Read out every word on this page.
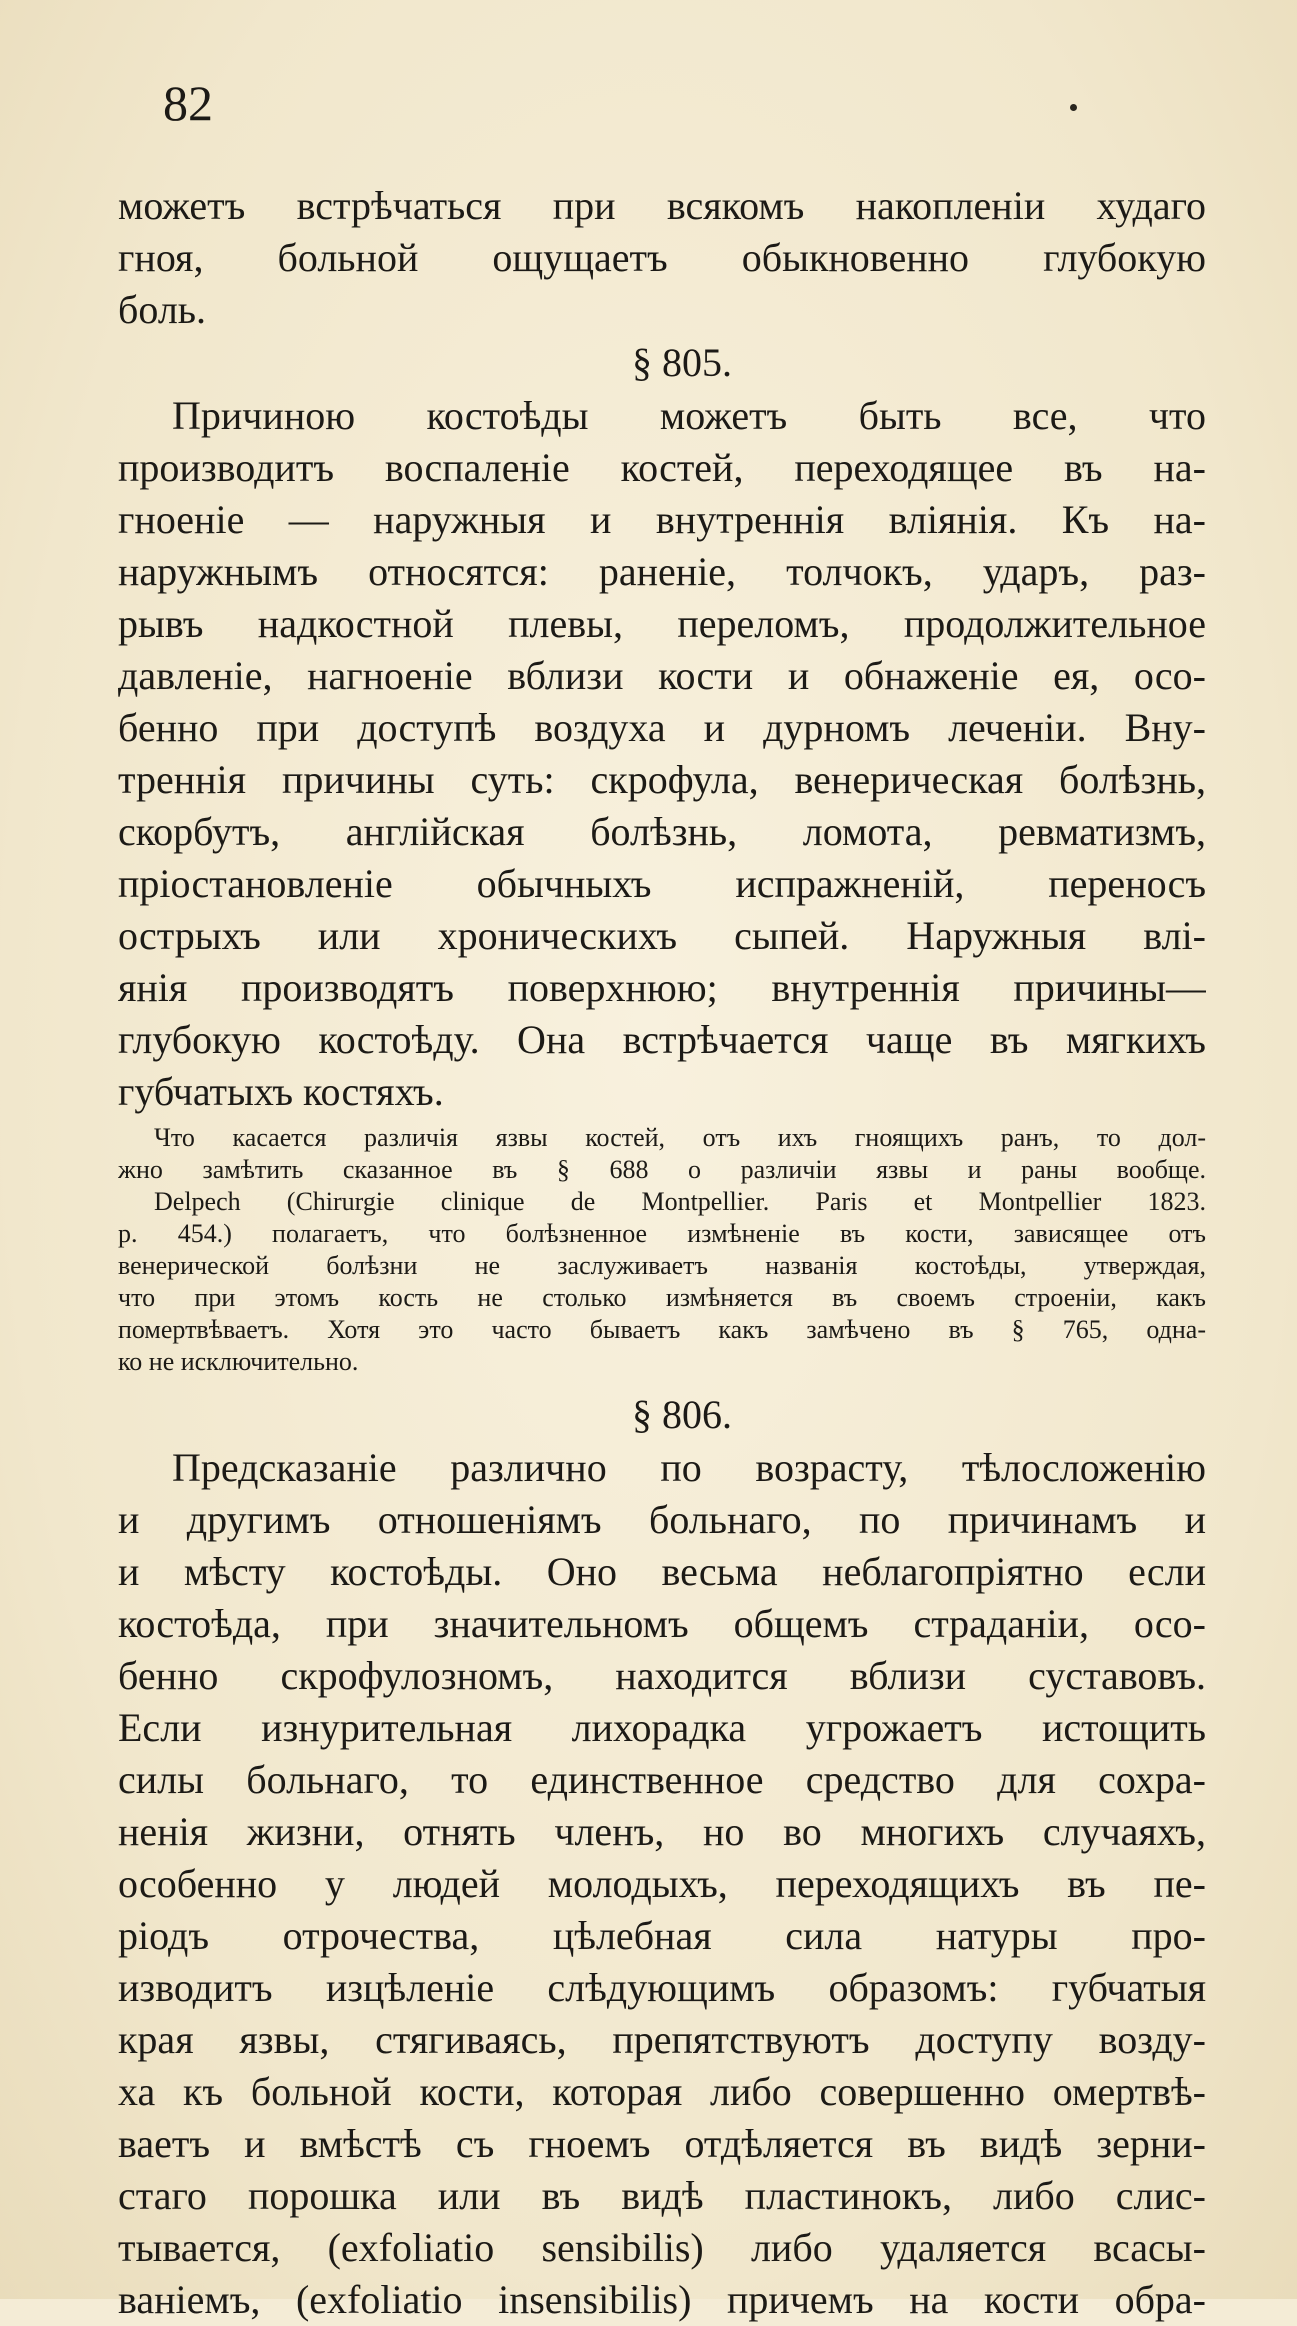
82
можетъ встрѣчаться при всякомъ накопленіи худаго
гноя, больной ощущаетъ обыкновенно глубокую
боль.
§ 805.
Причиною костоѣды можетъ быть все, что
производитъ воспаленіе костей, переходящее въ на-
гноеніе — наружныя и внутреннія вліянія. Къ на-
наружнымъ относятся: раненіе, толчокъ, ударъ, раз-
рывъ надкостной плевы, переломъ, продолжительное
давленіе, нагноеніе вблизи кости и обнаженіе ея, осо-
бенно при доступѣ воздуха и дурномъ леченіи. Вну-
треннія причины суть: скрофула, венерическая болѣзнь,
скорбутъ, англійская болѣзнь, ломота, ревматизмъ,
пріостановленіе обычныхъ испражненій, переносъ
острыхъ или хроническихъ сыпей. Наружныя влі-
янія производятъ поверхнюю; внутреннія причины—
глубокую костоѣду. Она встрѣчается чаще въ мягкихъ
губчатыхъ костяхъ.
Что касается различія язвы костей, отъ ихъ гноящихъ ранъ, то дол-
жно замѣтить сказанное въ § 688 о различіи язвы и раны вообще.
Delpech (Chirurgie clinique de Montpellier. Paris et Montpellier 1823.
p. 454.) полагаетъ, что болѣзненное измѣненіе въ кости, зависящее отъ
венерической болѣзни не заслуживаетъ названія костоѣды, утверждая,
что при этомъ кость не столько измѣняется въ своемъ строеніи, какъ
помертвѣваетъ. Хотя это часто бываетъ какъ замѣчено въ § 765, одна-
ко не исключительно.
§ 806.
Предсказаніе различно по возрасту, тѣлосложенію
и другимъ отношеніямъ больнаго, по причинамъ и
и мѣсту костоѣды. Оно весьма неблагопріятно если
костоѣда, при значительномъ общемъ страданіи, осо-
бенно скрофулозномъ, находится вблизи суставовъ.
Если изнурительная лихорадка угрожаетъ истощить
силы больнаго, то единственное средство для сохра-
ненія жизни, отнять членъ, но во многихъ случаяхъ,
особенно у людей молодыхъ, переходящихъ въ пе-
ріодъ отрочества, цѣлебная сила натуры про-
изводитъ изцѣленіе слѣдующимъ образомъ: губчатыя
края язвы, стягиваясь, препятствуютъ доступу возду-
ха къ больной кости, которая либо совершенно омертвѣ-
ваетъ и вмѣстѣ съ гноемъ отдѣляется въ видѣ зерни-
стаго порошка или въ видѣ пластинокъ, либо слис-
тывается, (exfoliatio sensibilis) либо удаляется всасы-
ваніемъ, (exfoliatio insensibilis) причемъ на кости обра-
